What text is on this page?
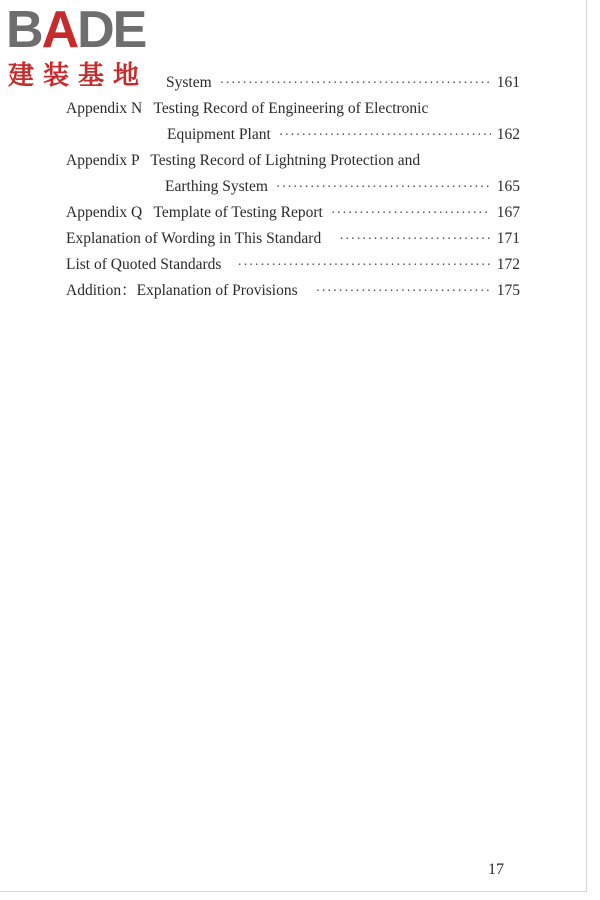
System ·····	161
Appendix N   Testing Record of Engineering of Electronic
Equipment Plant ·····	162
Appendix P   Testing Record of Lightning Protection and
Earthing System ·····	165
Appendix Q   Template of Testing Report ·····	167
Explanation of Wording in This Standard ·····	171
List of Quoted Standards ·····	172
Addition：Explanation of Provisions ·····	175
BADE
建装基地
17
